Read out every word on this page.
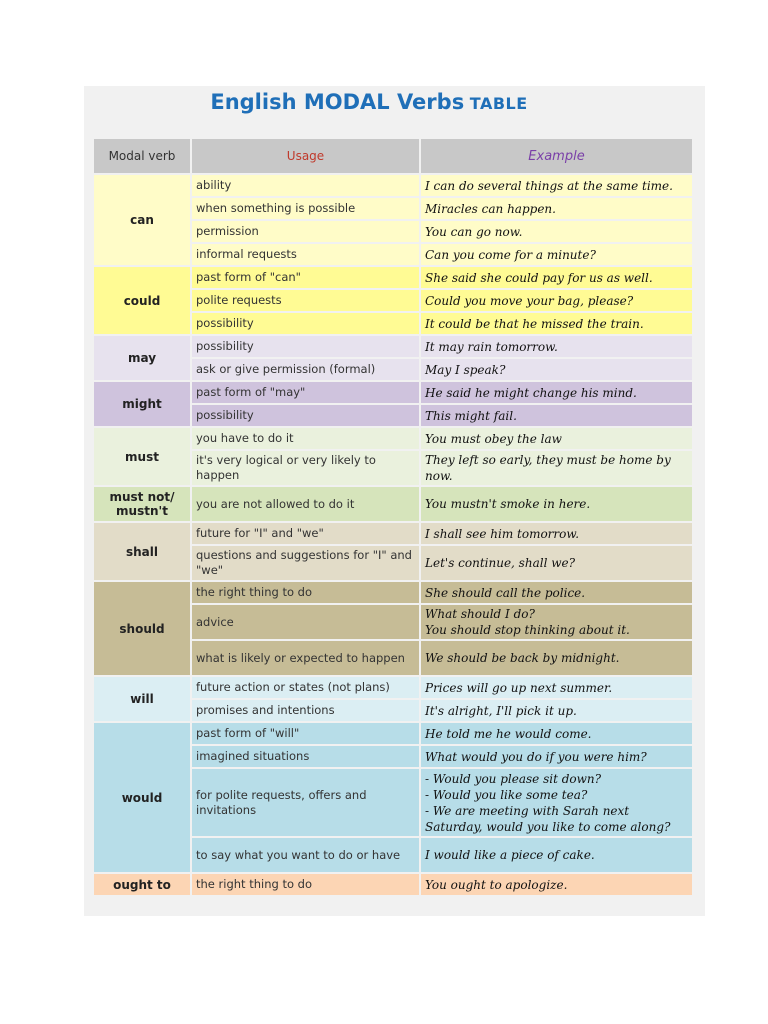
English MODAL Verbs TABLE
Modal verb	Usage	Example
can	ability	I can do several things at the same time.

	when something is possible	Miracles can happen.

	permission	You can go now.

	informal requests	Can you come for a minute?

could	past form of "can"	She said she could pay for us as well.

	polite requests	Could you move your bag, please?

	possibility	It could be that he missed the train.

may	possibility	It may rain tomorrow.

	ask or give permission (formal)	May I speak?

might	past form of "may"	He said he might change his mind.

	possibility	This might fail.

must	you have to do it	You must obey the law

	it's very logical or very likely to happen	They left so early, they must be home by now.

must not/ mustn't	you are not allowed to do it	You mustn't smoke in here.

shall	future for "I" and "we"	I shall see him tomorrow.

	questions and suggestions for "I" and "we"	Let's continue, shall we?

should	the right thing to do	She should call the police.

	advice	What should I do?
You should stop thinking about it.

	what is likely or expected to happen	We should be back by midnight.

will	future action or states (not plans)	Prices will go up next summer.

	promises and intentions	It's alright, I'll pick it up.

would	past form of "will"	He told me he would come.

	imagined situations	What would you do if you were him?

	for polite requests, offers and invitations	- Would you please sit down?
- Would you like some tea?
- We are meeting with Sarah next Saturday, would you like to come along?

	to say what you want to do or have	I would like a piece of cake.

ought to	the right thing to do	You ought to apologize.
